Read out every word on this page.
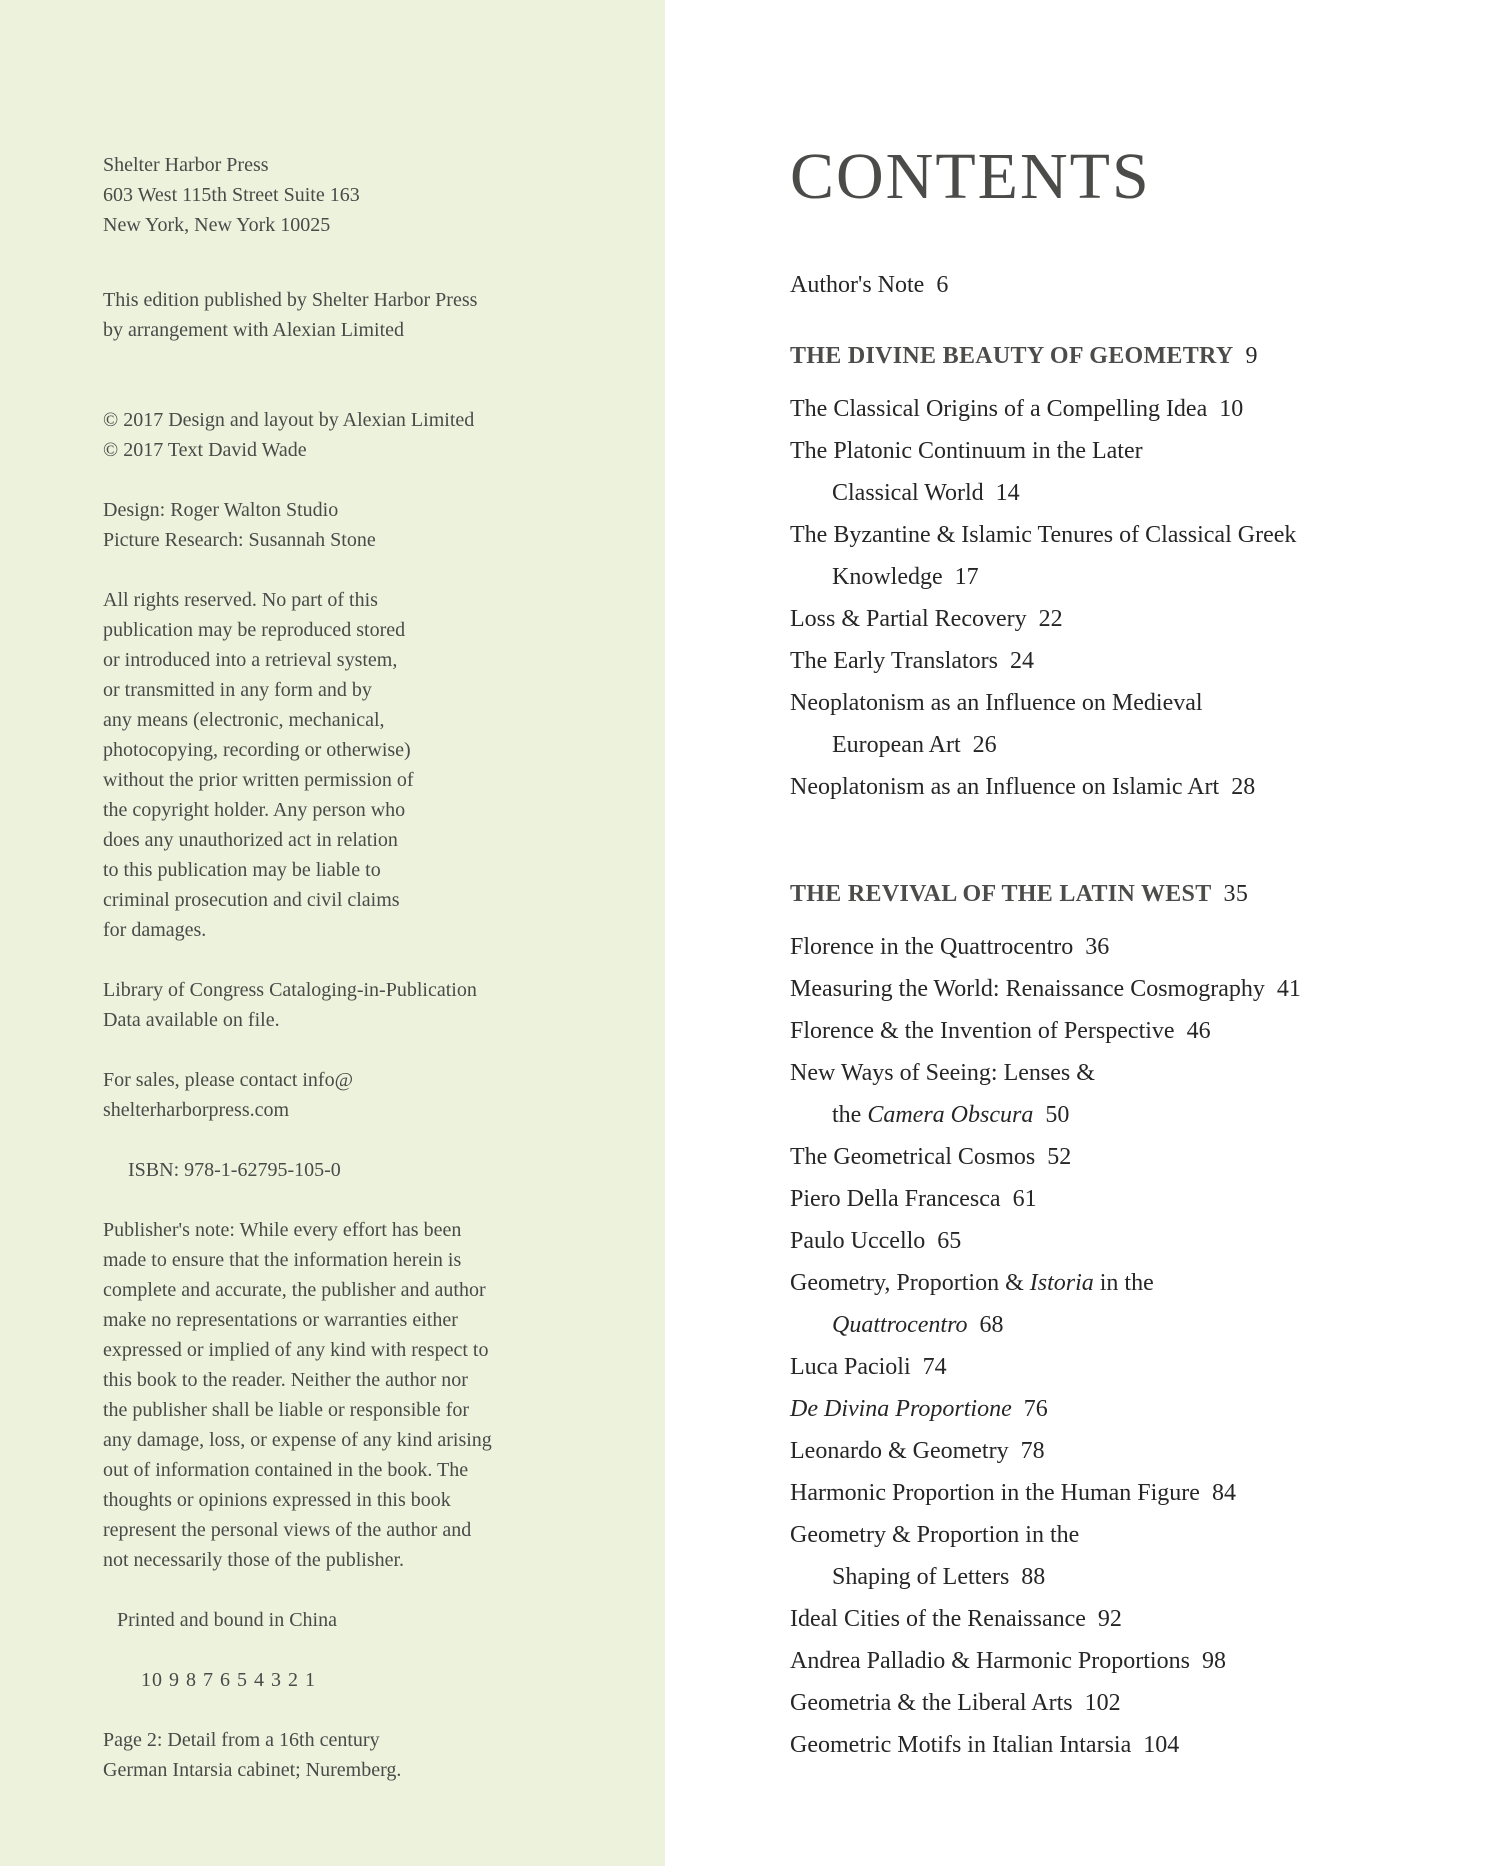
Shelter Harbor Press
603 West 115th Street Suite 163
New York, New York 10025

This edition published by Shelter Harbor Press
by arrangement with Alexian Limited

© 2017 Design and layout by Alexian Limited
© 2017 Text David Wade

Design: Roger Walton Studio
Picture Research: Susannah Stone

All rights reserved. No part of this
publication may be reproduced stored
or introduced into a retrieval system,
or transmitted in any form and by
any means (electronic, mechanical,
photocopying, recording or otherwise)
without the prior written permission of
the copyright holder. Any person who
does any unauthorized act in relation
to this publication may be liable to
criminal prosecution and civil claims
for damages.

Library of Congress Cataloging-in-Publication
Data available on file.

For sales, please contact info@
shelterharborpress.com

ISBN: 978-1-62795-105-0

Publisher's note: While every effort has been
made to ensure that the information herein is
complete and accurate, the publisher and author
make no representations or warranties either
expressed or implied of any kind with respect to
this book to the reader. Neither the author nor
the publisher shall be liable or responsible for
any damage, loss, or expense of any kind arising
out of information contained in the book. The
thoughts or opinions expressed in this book
represent the personal views of the author and
not necessarily those of the publisher.

Printed and bound in China

10 9 8 7 6 5 4 3 2 1

Page 2: Detail from a 16th century
German Intarsia cabinet; Nuremberg.

CONTENTS
Author's Note 6
THE DIVINE BEAUTY OF GEOMETRY 9
The Classical Origins of a Compelling Idea 10
The Platonic Continuum in the Later
Classical World 14
The Byzantine & Islamic Tenures of Classical Greek
Knowledge 17
Loss & Partial Recovery 22
The Early Translators 24
Neoplatonism as an Influence on Medieval
European Art 26
Neoplatonism as an Influence on Islamic Art 28
THE REVIVAL OF THE LATIN WEST 35
Florence in the Quattrocentro 36
Measuring the World: Renaissance Cosmography 41
Florence & the Invention of Perspective 46
New Ways of Seeing: Lenses &
the Camera Obscura 50
The Geometrical Cosmos 52
Piero Della Francesca 61
Paulo Uccello 65
Geometry, Proportion & Istoria in the
Quattrocentro 68
Luca Pacioli 74
De Divina Proportione 76
Leonardo & Geometry 78
Harmonic Proportion in the Human Figure 84
Geometry & Proportion in the
Shaping of Letters 88
Ideal Cities of the Renaissance 92
Andrea Palladio & Harmonic Proportions 98
Geometria & the Liberal Arts 102
Geometric Motifs in Italian Intarsia 104
